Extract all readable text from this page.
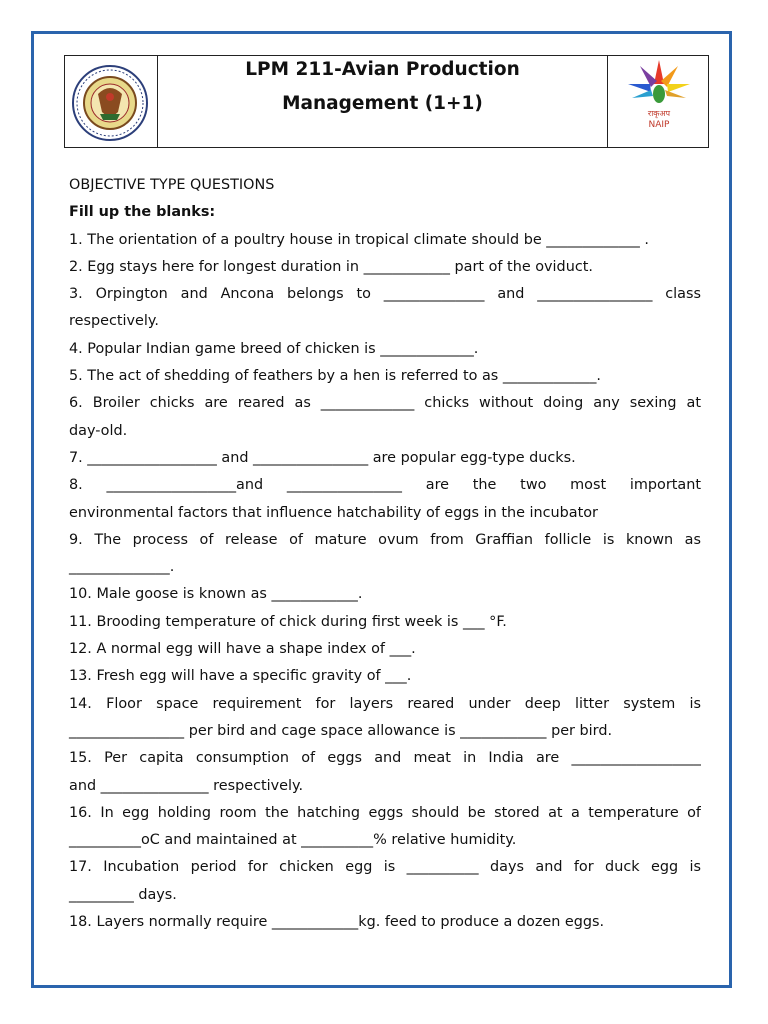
LPM 211-Avian Production
Management (1+1)	राकृअप
NAIP
OBJECTIVE TYPE QUESTIONS
Fill up the blanks:
1. The orientation of a poultry house in tropical climate should be _____________ .
2. Egg stays here for longest duration in ____________ part of the oviduct.
3. Orpington and Ancona belongs to ______________ and ________________ class
respectively.
4. Popular Indian game breed of chicken is _____________.
5. The act of shedding of feathers by a hen is referred to as _____________.
6. Broiler chicks are reared as _____________ chicks without doing any sexing at
day-old.
7. __________________ and ________________ are popular egg-type ducks.
8. __________________and ________________ are the two most important
environmental factors that influence hatchability of eggs in the incubator
9. The process of release of mature ovum from Graffian follicle is known as
______________.
10. Male goose is known as ____________.
11. Brooding temperature of chick during first week is ___ °F.
12. A normal egg will have a shape index of ___.
13. Fresh egg will have a specific gravity of ___.
14. Floor space requirement for layers reared under deep litter system is
________________ per bird and cage space allowance is ____________ per bird.
15. Per capita consumption of eggs and meat in India are __________________
and _______________ respectively.
16. In egg holding room the hatching eggs should be stored at a temperature of
__________oC and maintained at __________% relative humidity.
17. Incubation period for chicken egg is __________ days and for duck egg is
_________ days.
18. Layers normally require ____________kg. feed to produce a dozen eggs.
